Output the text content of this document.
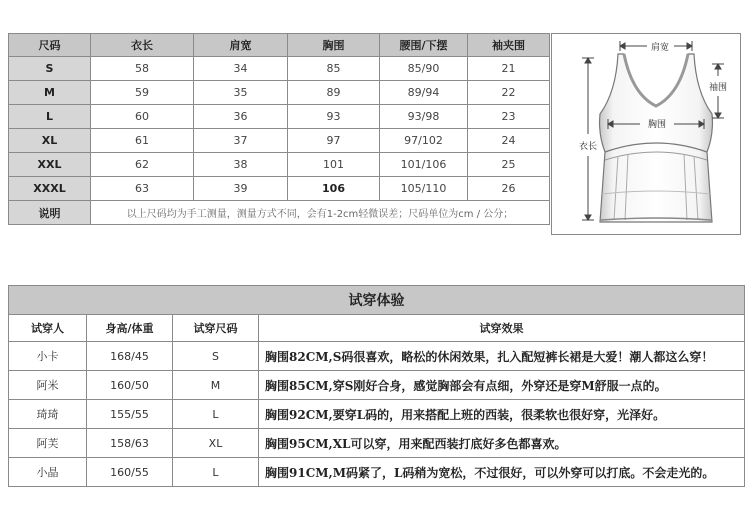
尺码	衣长	肩宽	胸围	腰围/下摆	袖夹围
S	58	34	85	85/90	21
M	59	35	89	89/94	22
L	60	36	93	93/98	23
XL	61	37	97	97/102	24
XXL	62	38	101	101/106	25
XXXL	63	39	106	105/110	26
说明	以上尺码均为手工测量，测量方式不同，会有1-2cm轻微误差；尺码单位为cm / 公分；				
肩宽
袖围
胸围
衣长
试穿体验			
试穿人	身高/体重	试穿尺码	试穿效果
小卡	168/45	S	胸围82CM,S码很喜欢，略松的休闲效果，扎入配短裤长裙是大爱！潮人都这么穿！
阿米	160/50	M	胸围85CM,穿S刚好合身，感觉胸部会有点细，外穿还是穿M舒服一点的。
琦琦	155/55	L	胸围92CM,要穿L码的，用来搭配上班的西装，很柔软也很好穿，光泽好。
阿芙	158/63	XL	胸围95CM,XL可以穿，用来配西装打底好多色都喜欢。
小晶	160/55	L	胸围91CM,M码紧了，L码稍为宽松，不过很好，可以外穿可以打底。不会走光的。
